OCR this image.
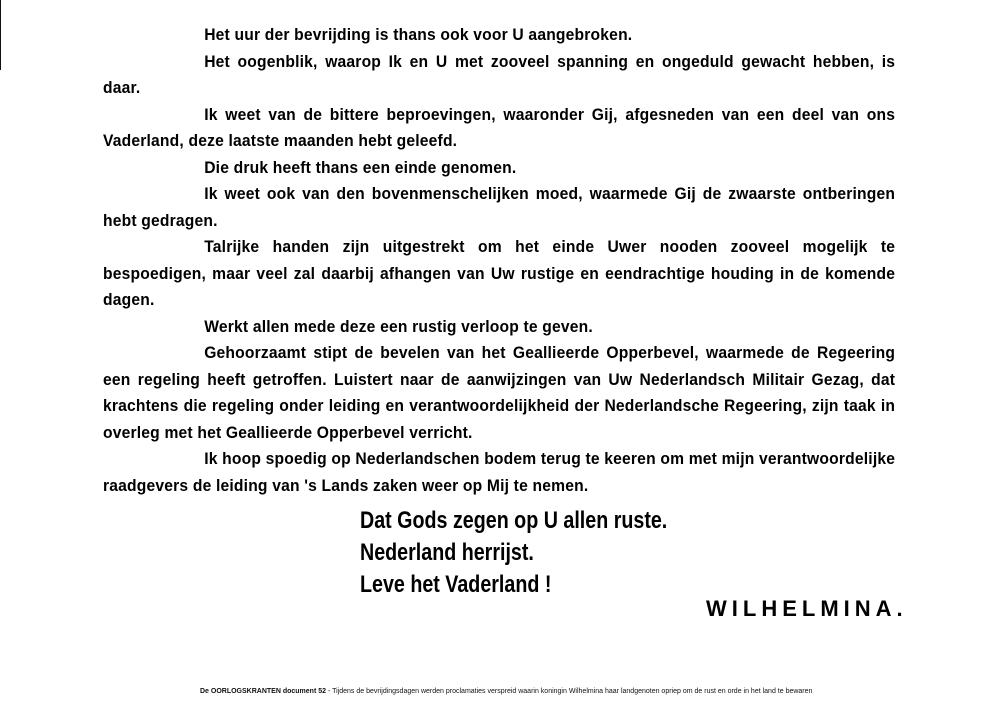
Het uur der bevrijding is thans ook voor U aangebroken.

Het oogenblik, waarop Ik en U met zooveel spanning en ongeduld gewacht hebben, is daar.

Ik weet van de bittere beproevingen, waaronder Gij, afgesneden van een deel van ons Vaderland, deze laatste maanden hebt geleefd.

Die druk heeft thans een einde genomen.

Ik weet ook van den bovenmenschelijken moed, waarmede Gij de zwaarste ontberingen hebt gedragen.

Talrijke handen zijn uitgestrekt om het einde Uwer nooden zooveel mogelijk te bespoedigen, maar veel zal daarbij afhangen van Uw rustige en eendrachtige houding in de komende dagen.

Werkt allen mede deze een rustig verloop te geven.

Gehoorzaamt stipt de bevelen van het Geallieerde Opperbevel, waarmede de Regeering een regeling heeft getroffen. Luistert naar de aanwijzingen van Uw Nederlandsch Militair Gezag, dat krachtens die regeling onder leiding en verantwoordelijkheid der Nederlandsche Regeering, zijn taak in overleg met het Geallieerde Opperbevel verricht.

Ik hoop spoedig op Nederlandschen bodem terug te keeren om met mijn verantwoordelijke raadgevers de leiding van 's Lands zaken weer op Mij te nemen.

Dat Gods zegen op U allen ruste.

Nederland herrijst.

Leve het Vaderland !

WILHELMINA.
De OORLOGSKRANTEN document 52 - Tijdens de bevrijdingsdagen werden proclamaties verspreid waarin koningin Wilhelmina haar landgenoten opriep om de rust en orde in het land te bewaren
